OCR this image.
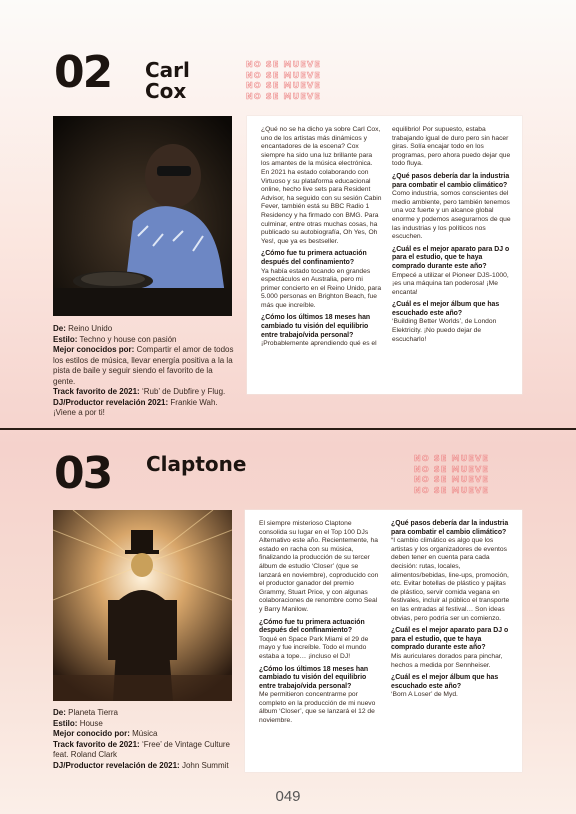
02 Carl
Cox
NO SE MUEVE
NO SE MUEVE
NO SE MUEVE
NO SE MUEVE
De: Reino Unido
Estilo: Techno y house con pasión
Mejor conocidos por: Compartir el amor de todos los estilos de música, llevar energía positiva a la la pista de baile y seguir siendo el favorito de la gente.
Track favorito de 2021: ‘Rub’ de Dubfire y Flug.
DJ/Productor revelación 2021: Frankie Wah. ¡Viene a por ti!

¿Qué no se ha dicho ya sobre Carl Cox, uno de los artistas más dinámicos y encantadores de la escena? Cox siempre ha sido una luz brillante para los amantes de la música electrónica. En 2021 ha estado colaborando con Virtuoso y su plataforma educacional online, hecho live sets para Resident Advisor, ha seguido con su sesión Cabin Fever, también está su BBC Radio 1 Residency y ha firmado con BMG. Para culminar, entre otras muchas cosas, ha publicado su autobiografía, Oh Yes, Oh Yes!, que ya es bestseller.

¿Cómo fue tu primera actuación después del confinamiento?

Ya había estado tocando en grandes espectáculos en Australia, pero mi primer concierto en el Reino Unido, para 5.000 personas en Brighton Beach, fue más que increíble.

¿Cómo los últimos 18 meses han cambiado tu visión del equilibrio entre trabajo/vida personal?

¡Probablemente aprendiendo qué es el

equilibrio! Por supuesto, estaba trabajando igual de duro pero sin hacer giras. Solía encajar todo en los programas, pero ahora puedo dejar que todo fluya.

¿Qué pasos debería dar la industria para combatir el cambio climático?

Como industria, somos conscientes del medio ambiente, pero también tenemos una voz fuerte y un alcance global enorme y podemos asegurarnos de que las industrias y los políticos nos escuchen.

¿Cuál es el mejor aparato para DJ o para el estudio, que te haya comprado durante este año?

Empecé a utilizar el Pioneer DJS-1000, ¡es una máquina tan poderosa! ¡Me encanta!

¿Cuál es el mejor álbum que has escuchado este año?

‘Building Better Worlds’, de London Elektricity. ¡No puedo dejar de escucharlo!

03 Claptone	NO SE MUEVE
NO SE MUEVE
NO SE MUEVE
NO SE MUEVE
De: Planeta Tierra
Estilo: House
Mejor conocido por: Música
Track favorito de 2021: ‘Free’ de Vintage Culture feat. Roland Clark
DJ/Productor revelación de 2021: John Summit

El siempre misterioso Claptone consolida su lugar en el Top 100 DJs Alternativo este año. Recientemente, ha estado en racha con su música, finalizando la producción de su tercer álbum de estudio ‘Closer’ (que se lanzará en noviembre), coproducido con el productor ganador del premio Grammy, Stuart Price, y con algunas colaboraciones de renombre como Seal y Barry Manilow.

¿Cómo fue tu primera actuación después del confinamiento?

Toqué en Space Park Miami el 29 de mayo y fue increíble. Todo el mundo estaba a tope… ¡incluso el DJ!

¿Cómo los últimos 18 meses han cambiado tu visión del equilibrio entre trabajo/vida personal?

Me permitieron concentrarme por completo en la producción de mi nuevo álbum ‘Closer’, que se lanzará el 12 de noviembre.

¿Qué pasos debería dar la industria para combatir el cambio climático?

“I cambio climático es algo que los artistas y los organizadores de eventos deben tener en cuenta para cada decisión: rutas, locales, alimentos/bebidas, line-ups, promoción, etc. Evitar botellas de plástico y pajitas de plástico, servir comida vegana en festivales, incluir al público el transporte en las entradas al festival… Son ideas obvias, pero podría ser un comienzo.

¿Cuál es el mejor aparato para DJ o para el estudio, que te haya comprado durante este año?

Mis auriculares dorados para pinchar, hechos a medida por Sennheiser.

¿Cuál es el mejor álbum que has escuchado este año?

‘Born A Loser’ de Myd.

049
